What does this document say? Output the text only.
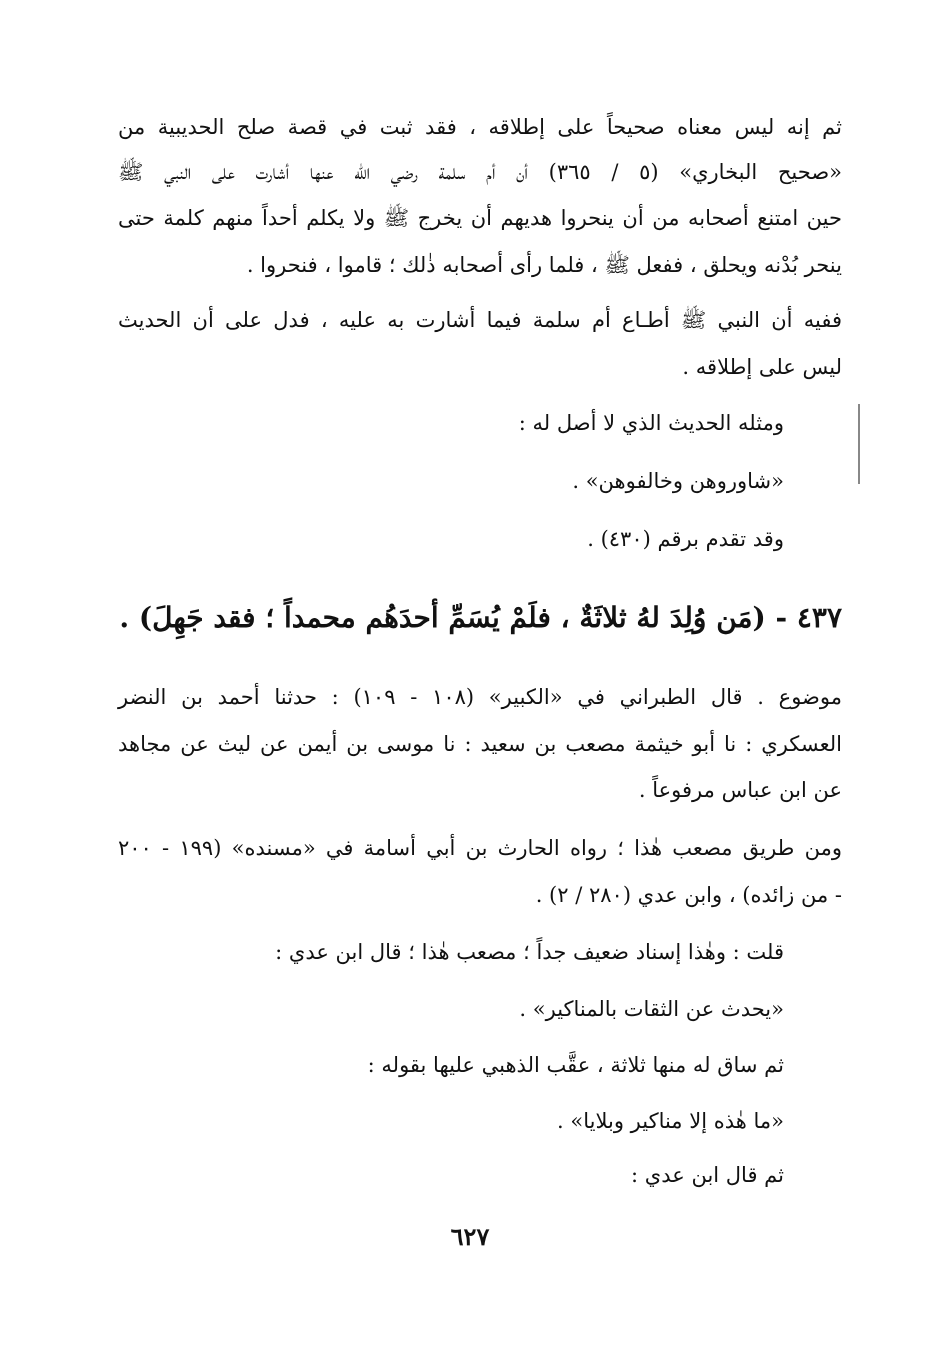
ثم إنه ليس معناه صحيحاً على إطلاقه ، فقد ثبت في قصة صلح الحديبية من
«صحيح البخاري» (٥ / ٣٦٥) أن أم سلمة رضي الله عنها أشارت على النبي ﷺ
حين امتنع أصحابه من أن ينحروا هديهم أن يخرج ﷺ ولا يكلم أحداً منهم كلمة حتى
ينحر بُدْنه ويحلق ، ففعل ﷺ ، فلما رأى أصحابه ذٰلك ؛ قاموا ، فنحروا .
ففيه أن النبي ﷺ أطـاع أم سلمة فيما أشارت به عليه ، فدل على أن الحديث
ليس على إطلاقه .
ومثله الحديث الذي لا أصل له :
«شاوروهن وخالفوهن» .
وقد تقدم برقم (٤٣٠) .
٤٣٧ - (مَن وُلِدَ لهُ ثلاثَةٌ ، فلَمْ يُسَمِّ أحدَهُم محمداً ؛ فقد جَهِلَ) .
موضوع . قال الطبراني في «الكبير» (١٠٨ - ١٠٩) : حدثنا أحمد بن النضر
العسكري : نا أبو خيثمة مصعب بن سعيد : نا موسى بن أيمن عن ليث عن مجاهد
عن ابن عباس مرفوعاً .
ومن طريق مصعب هٰذا ؛ رواه الحارث بن أبي أسامة في «مسنده» (١٩٩ - ٢٠٠
- من زائده) ، وابن عدي (٢٨٠ / ٢) .
قلت : وهٰذا إسناد ضعيف جداً ؛ مصعب هٰذا ؛ قال ابن عدي :
«يحدث عن الثقات بالمناكير» .
ثم ساق له منها ثلاثة ، عقَّب الذهبي عليها بقوله :
«ما هٰذه إلا مناكير وبلايا» .
ثم قال ابن عدي :
٦٢٧
